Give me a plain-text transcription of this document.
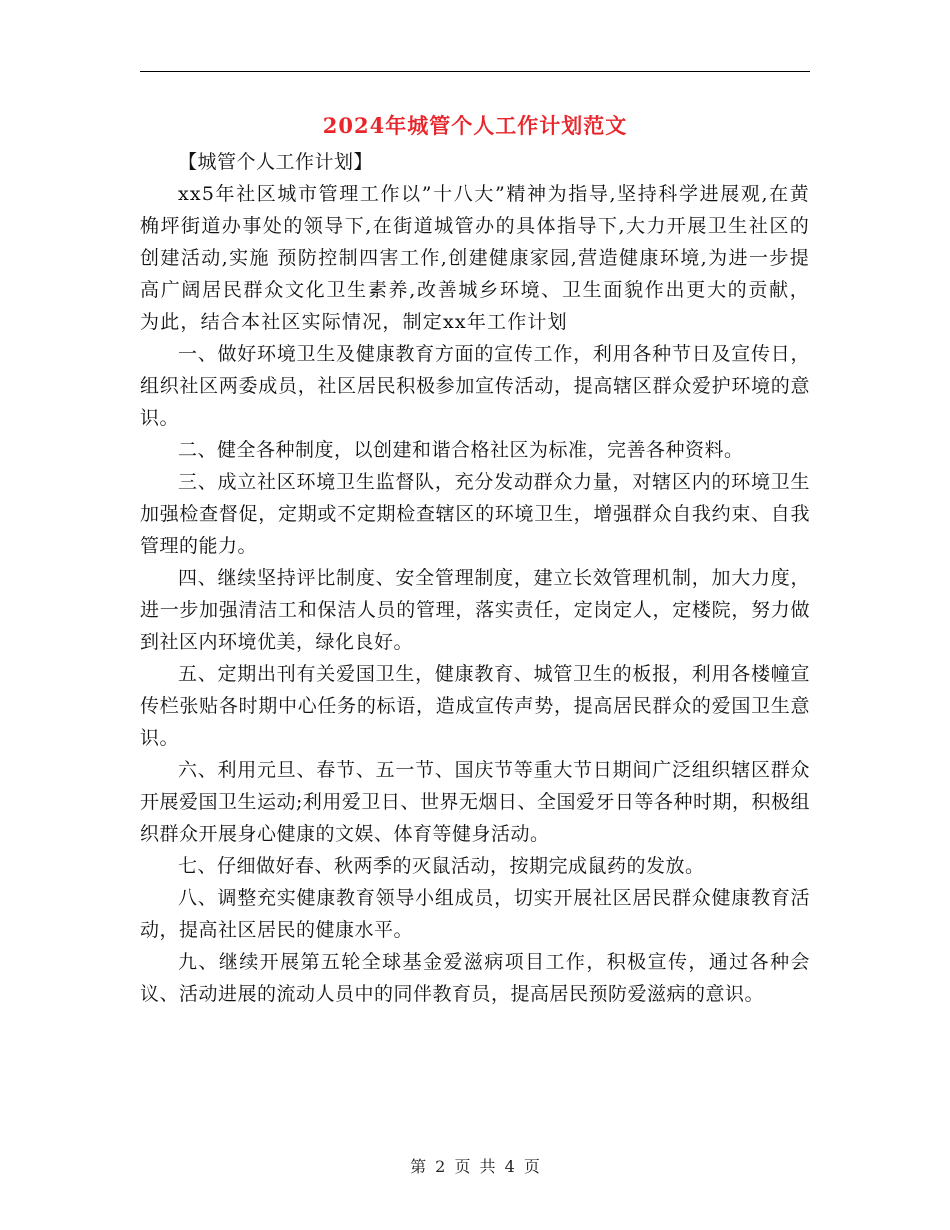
2024年城管个人工作计划范文

【城管个人工作计划】

xx5年社区城市管理工作以”十八大”精神为指导,坚持科学进展观,在黄桷坪街道办事处的领导下,在街道城管办的具体指导下,大力开展卫生社区的创建活动,实施 预防控制四害工作,创建健康家园,营造健康环境,为进一步提高广阔居民群众文化卫生素养,改善城乡环境、卫生面貌作出更大的贡献，为此，结合本社区实际情况，制定xx年工作计划

一、做好环境卫生及健康教育方面的宣传工作，利用各种节日及宣传日，组织社区两委成员，社区居民积极参加宣传活动，提高辖区群众爱护环境的意识。

二、健全各种制度，以创建和谐合格社区为标准，完善各种资料。

三、成立社区环境卫生监督队，充分发动群众力量，对辖区内的环境卫生加强检查督促，定期或不定期检查辖区的环境卫生，增强群众自我约束、自我管理的能力。

四、继续坚持评比制度、安全管理制度，建立长效管理机制，加大力度，进一步加强清洁工和保洁人员的管理，落实责任，定岗定人，定楼院，努力做到社区内环境优美，绿化良好。

五、定期出刊有关爱国卫生，健康教育、城管卫生的板报，利用各楼幢宣传栏张贴各时期中心任务的标语，造成宣传声势，提高居民群众的爱国卫生意识。

六、利用元旦、春节、五一节、国庆节等重大节日期间广泛组织辖区群众开展爱国卫生运动;利用爱卫日、世界无烟日、全国爱牙日等各种时期，积极组织群众开展身心健康的文娱、体育等健身活动。

七、仔细做好春、秋两季的灭鼠活动，按期完成鼠药的发放。

八、调整充实健康教育领导小组成员，切实开展社区居民群众健康教育活动，提高社区居民的健康水平。

九、继续开展第五轮全球基金爱滋病项目工作，积极宣传，通过各种会议、活动进展的流动人员中的同伴教育员，提高居民预防爱滋病的意识。

第 2 页 共 4 页
